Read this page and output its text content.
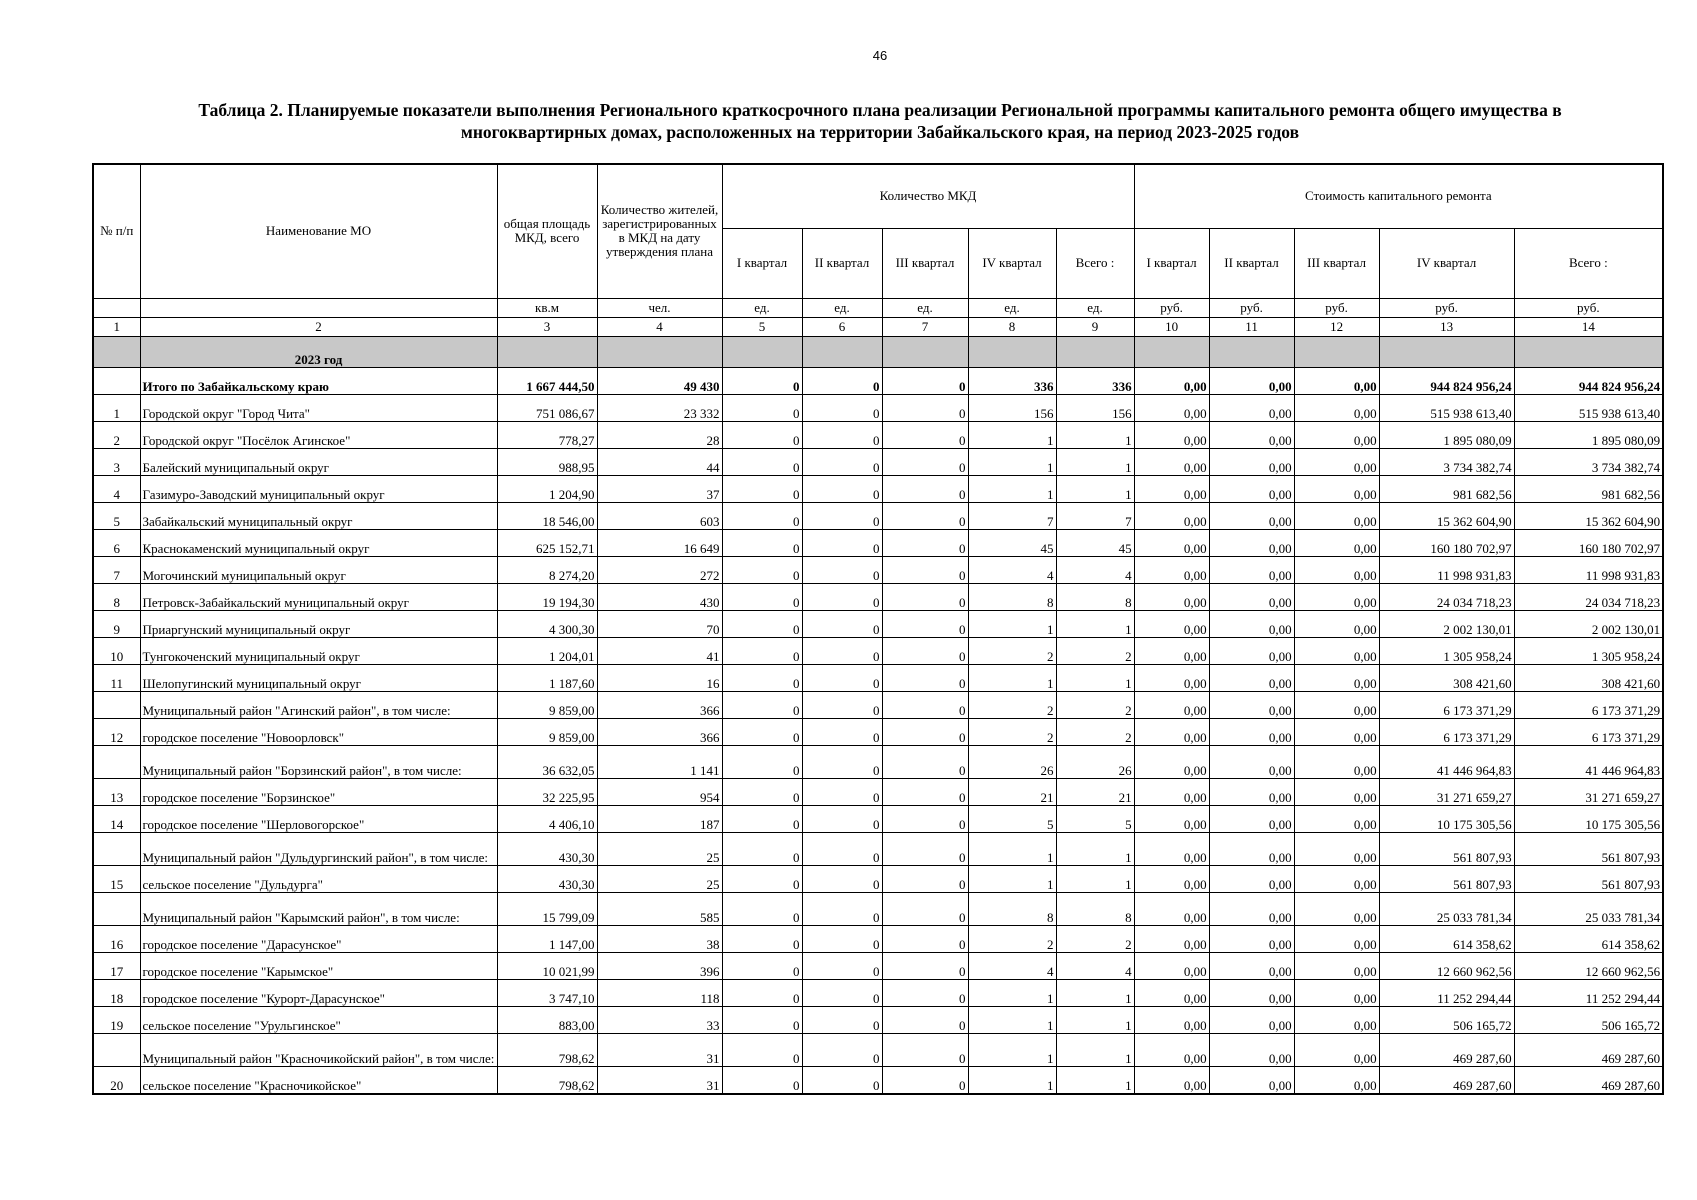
46
Таблица 2. Планируемые показатели выполнения Регионального краткосрочного плана реализации Региональной программы капитального ремонта общего имущества в многоквартирных домах, расположенных на территории Забайкальского края, на период 2023-2025 годов
№ п/п	Наименование МО	общая площадь МКД, всего	Количество жителей, зарегистрированных в МКД на дату утверждения плана	Количество МКД					Стоимость капитального ремонта				
				I квартал	II квартал	III квартал	IV квартал	Всего :	I квартал	II квартал	III квартал	IV квартал	Всего :
		кв.м	чел.	ед.	ед.	ед.	ед.	ед.	руб.	руб.	руб.	руб.	руб.
1	2	3	4	5	6	7	8	9	10	11	12	13	14
	2023 год												
	Итого по Забайкальскому краю	1 667 444,50	49 430	0	0	0	336	336	0,00	0,00	0,00	944 824 956,24	944 824 956,24
1	Городской округ "Город Чита"	751 086,67	23 332	0	0	0	156	156	0,00	0,00	0,00	515 938 613,40	515 938 613,40
2	Городской округ "Посёлок Агинское"	778,27	28	0	0	0	1	1	0,00	0,00	0,00	1 895 080,09	1 895 080,09
3	Балейский муниципальный округ	988,95	44	0	0	0	1	1	0,00	0,00	0,00	3 734 382,74	3 734 382,74
4	Газимуро-Заводский муниципальный округ	1 204,90	37	0	0	0	1	1	0,00	0,00	0,00	981 682,56	981 682,56
5	Забайкальский муниципальный округ	18 546,00	603	0	0	0	7	7	0,00	0,00	0,00	15 362 604,90	15 362 604,90
6	Краснокаменский муниципальный округ	625 152,71	16 649	0	0	0	45	45	0,00	0,00	0,00	160 180 702,97	160 180 702,97
7	Могочинский муниципальный округ	8 274,20	272	0	0	0	4	4	0,00	0,00	0,00	11 998 931,83	11 998 931,83
8	Петровск-Забайкальский муниципальный округ	19 194,30	430	0	0	0	8	8	0,00	0,00	0,00	24 034 718,23	24 034 718,23
9	Приаргунский муниципальный округ	4 300,30	70	0	0	0	1	1	0,00	0,00	0,00	2 002 130,01	2 002 130,01
10	Тунгокоченский муниципальный округ	1 204,01	41	0	0	0	2	2	0,00	0,00	0,00	1 305 958,24	1 305 958,24
11	Шелопугинский муниципальный округ	1 187,60	16	0	0	0	1	1	0,00	0,00	0,00	308 421,60	308 421,60
	Муниципальный район "Агинский район", в том числе:	9 859,00	366	0	0	0	2	2	0,00	0,00	0,00	6 173 371,29	6 173 371,29
12	городское поселение "Новоорловск"	9 859,00	366	0	0	0	2	2	0,00	0,00	0,00	6 173 371,29	6 173 371,29
	Муниципальный район "Борзинский район", в том числе:	36 632,05	1 141	0	0	0	26	26	0,00	0,00	0,00	41 446 964,83	41 446 964,83
13	городское поселение "Борзинское"	32 225,95	954	0	0	0	21	21	0,00	0,00	0,00	31 271 659,27	31 271 659,27
14	городское поселение "Шерловогорское"	4 406,10	187	0	0	0	5	5	0,00	0,00	0,00	10 175 305,56	10 175 305,56
	Муниципальный район "Дульдургинский район", в том числе:	430,30	25	0	0	0	1	1	0,00	0,00	0,00	561 807,93	561 807,93
15	сельское поселение "Дульдурга"	430,30	25	0	0	0	1	1	0,00	0,00	0,00	561 807,93	561 807,93
	Муниципальный район "Карымский район", в том числе:	15 799,09	585	0	0	0	8	8	0,00	0,00	0,00	25 033 781,34	25 033 781,34
16	городское поселение "Дарасунское"	1 147,00	38	0	0	0	2	2	0,00	0,00	0,00	614 358,62	614 358,62
17	городское поселение "Карымское"	10 021,99	396	0	0	0	4	4	0,00	0,00	0,00	12 660 962,56	12 660 962,56
18	городское поселение "Курорт-Дарасунское"	3 747,10	118	0	0	0	1	1	0,00	0,00	0,00	11 252 294,44	11 252 294,44
19	сельское поселение "Урульгинское"	883,00	33	0	0	0	1	1	0,00	0,00	0,00	506 165,72	506 165,72
	Муниципальный район "Красночикойский район", в том числе:	798,62	31	0	0	0	1	1	0,00	0,00	0,00	469 287,60	469 287,60
20	сельское поселение "Красночикойское"	798,62	31	0	0	0	1	1	0,00	0,00	0,00	469 287,60	469 287,60
